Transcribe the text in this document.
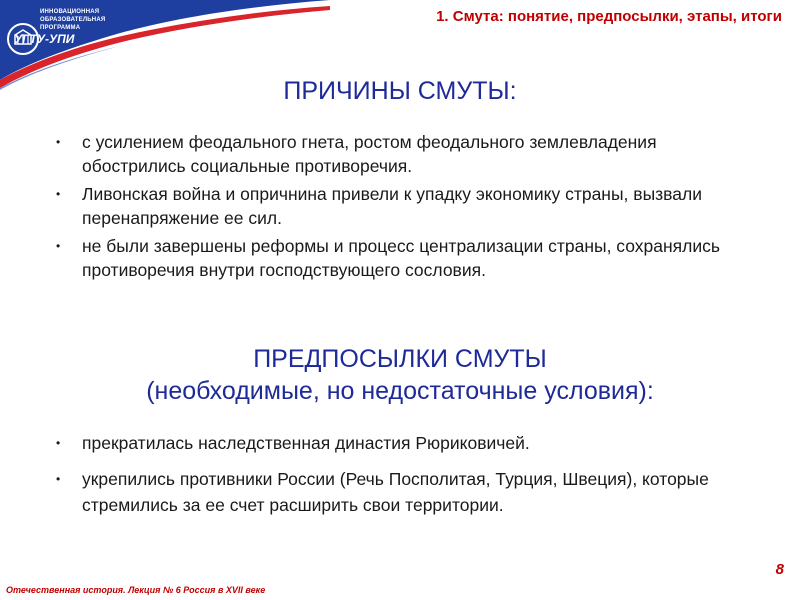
ИННОВАЦИОННАЯ ОБРАЗОВАТЕЛЬНАЯ ПРОГРАММА
УГТУ-УПИ
1. Смута: понятие, предпосылки, этапы, итоги
ПРИЧИНЫ СМУТЫ:
• с усилением феодального гнета, ростом феодального землевладения обострились социальные противоречия.
• Ливонская война и опричнина привели к упадку экономику страны, вызвали перенапряжение ее сил.
• не были завершены реформы и процесс централизации страны, сохранялись противоречия внутри господствующего сословия.
ПРЕДПОСЫЛКИ СМУТЫ
(необходимые, но недостаточные условия):
• прекратилась наследственная династия Рюриковичей.
• укрепились противники России (Речь Посполитая, Турция, Швеция), которые стремились за ее счет расширить свои территории.
Отечественная история. Лекция № 6 Россия в XVII веке
8
